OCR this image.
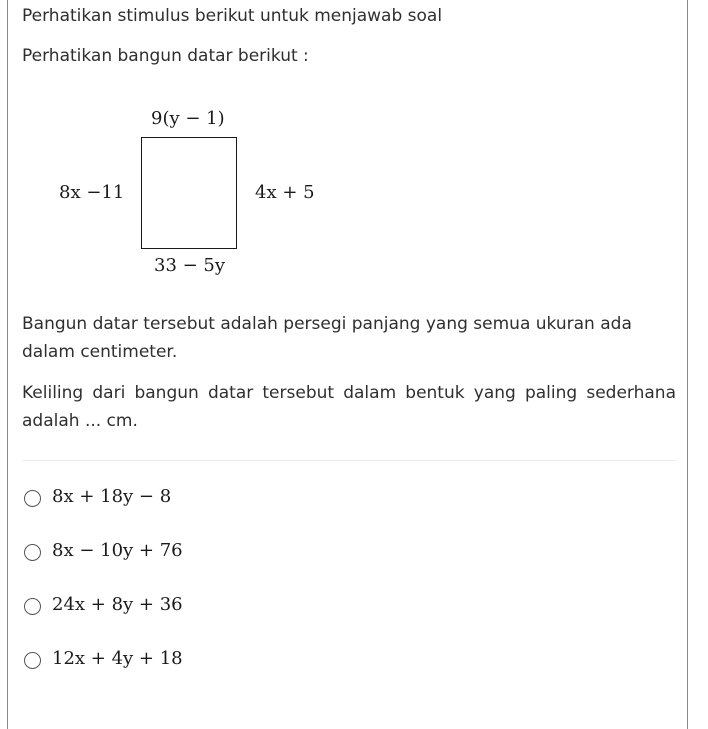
Perhatikan stimulus berikut untuk menjawab soal
Perhatikan bangun datar berikut :
9(y − 1)
8x −11	4x + 5
33 − 5y
Bangun datar tersebut adalah persegi panjang yang semua ukuran ada dalam centimeter.
Keliling dari bangun datar tersebut dalam bentuk yang paling sederhana adalah ... cm.
8x + 18y − 8
8x − 10y + 76
24x + 8y + 36
12x + 4y + 18
